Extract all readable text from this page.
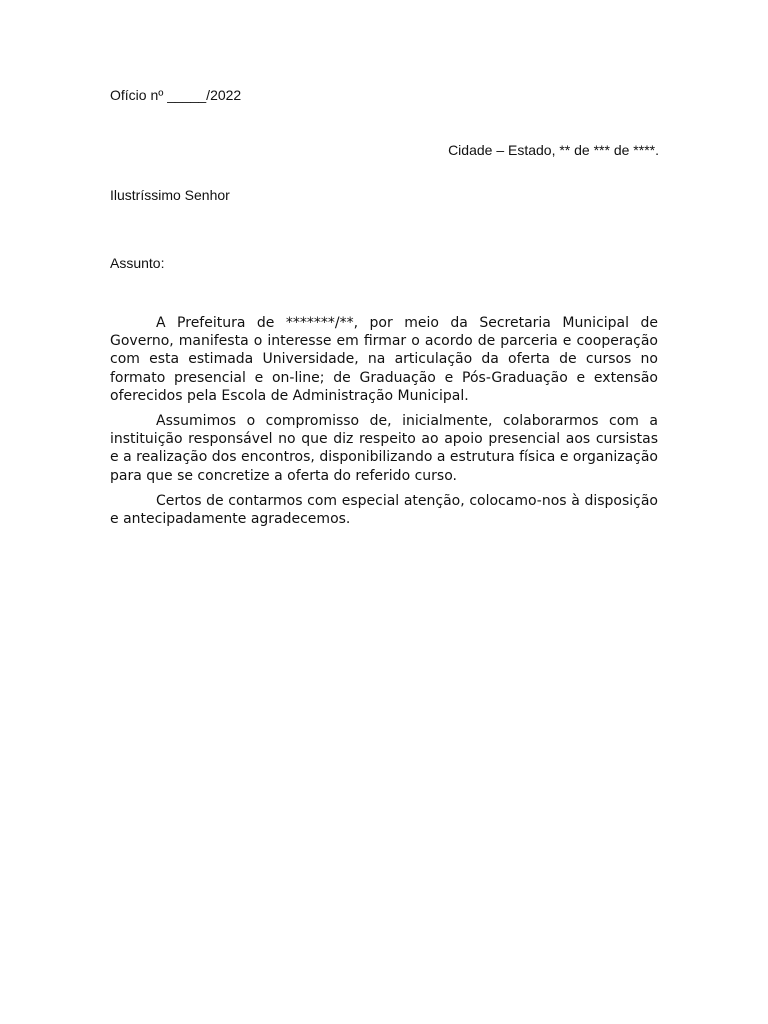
Ofício nº _____/2022

Cidade – Estado, ** de *** de ****.

Ilustríssimo Senhor

Assunto:

A Prefeitura de *******/**, por meio da Secretaria Municipal de Governo, manifesta o interesse em firmar o acordo de parceria e cooperação com esta estimada Universidade, na articulação da oferta de cursos no formato presencial e on-line; de Graduação e Pós-Graduação e extensão oferecidos pela Escola de Administração Municipal.

Assumimos o compromisso de, inicialmente, colaborarmos com a instituição responsável no que diz respeito ao apoio presencial aos cursistas e a realização dos encontros, disponibilizando a estrutura física e organização para que se concretize a oferta do referido curso.

Certos de contarmos com especial atenção, colocamo-nos à disposição e antecipadamente agradecemos.
